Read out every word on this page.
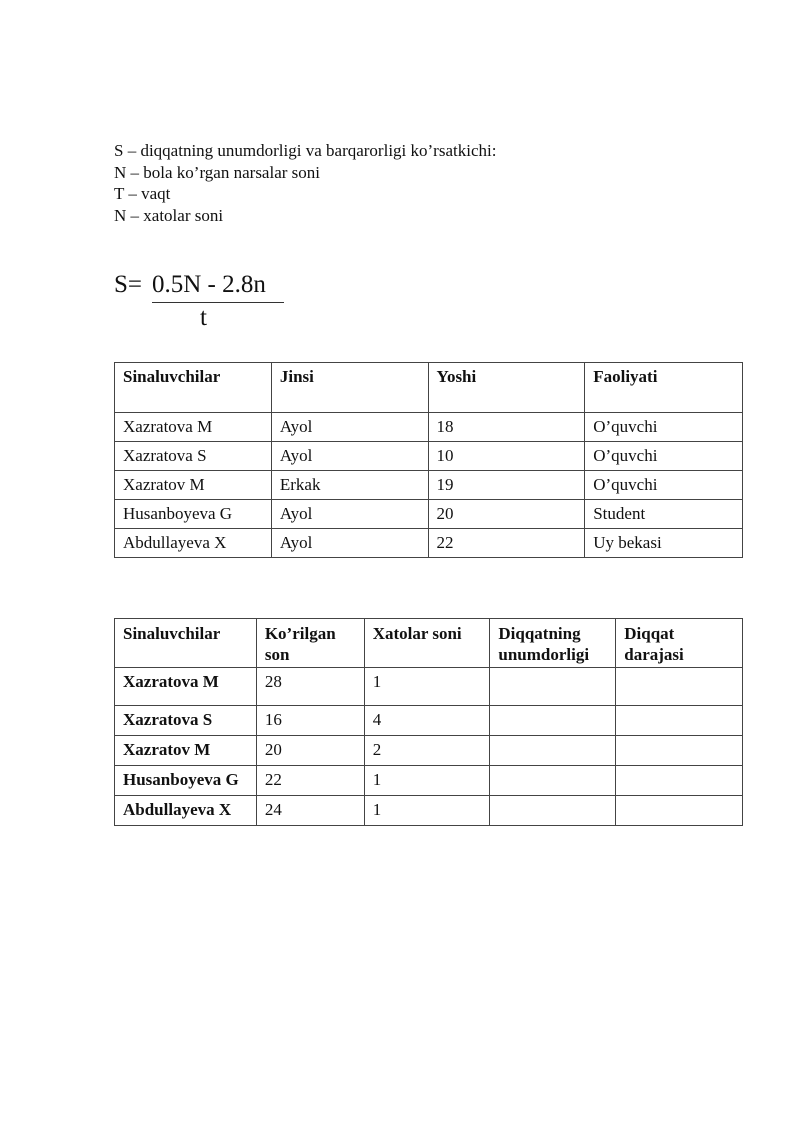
S – diqqatning unumdorligi va barqarorligi ko’rsatkichi:
N – bola ko’rgan narsalar soni
T – vaqt
N – xatolar soni
S= 0.5N - 2.8n
t
Sinaluvchilar	Jinsi	Yoshi	Faoliyati
Xazratova M	Ayol	18	O’quvchi
Xazratova S	Ayol	10	O’quvchi
Xazratov M	Erkak	19	O’quvchi
Husanboyeva G	Ayol	20	Student
Abdullayeva X	Ayol	22	Uy bekasi
Sinaluvchilar	Ko’rilgan son	Xatolar soni	Diqqatning unumdorligi	Diqqat darajasi
Xazratova M	28	1		
Xazratova S	16	4		
Xazratov M	20	2		
Husanboyeva G	22	1		
Abdullayeva X	24	1		
